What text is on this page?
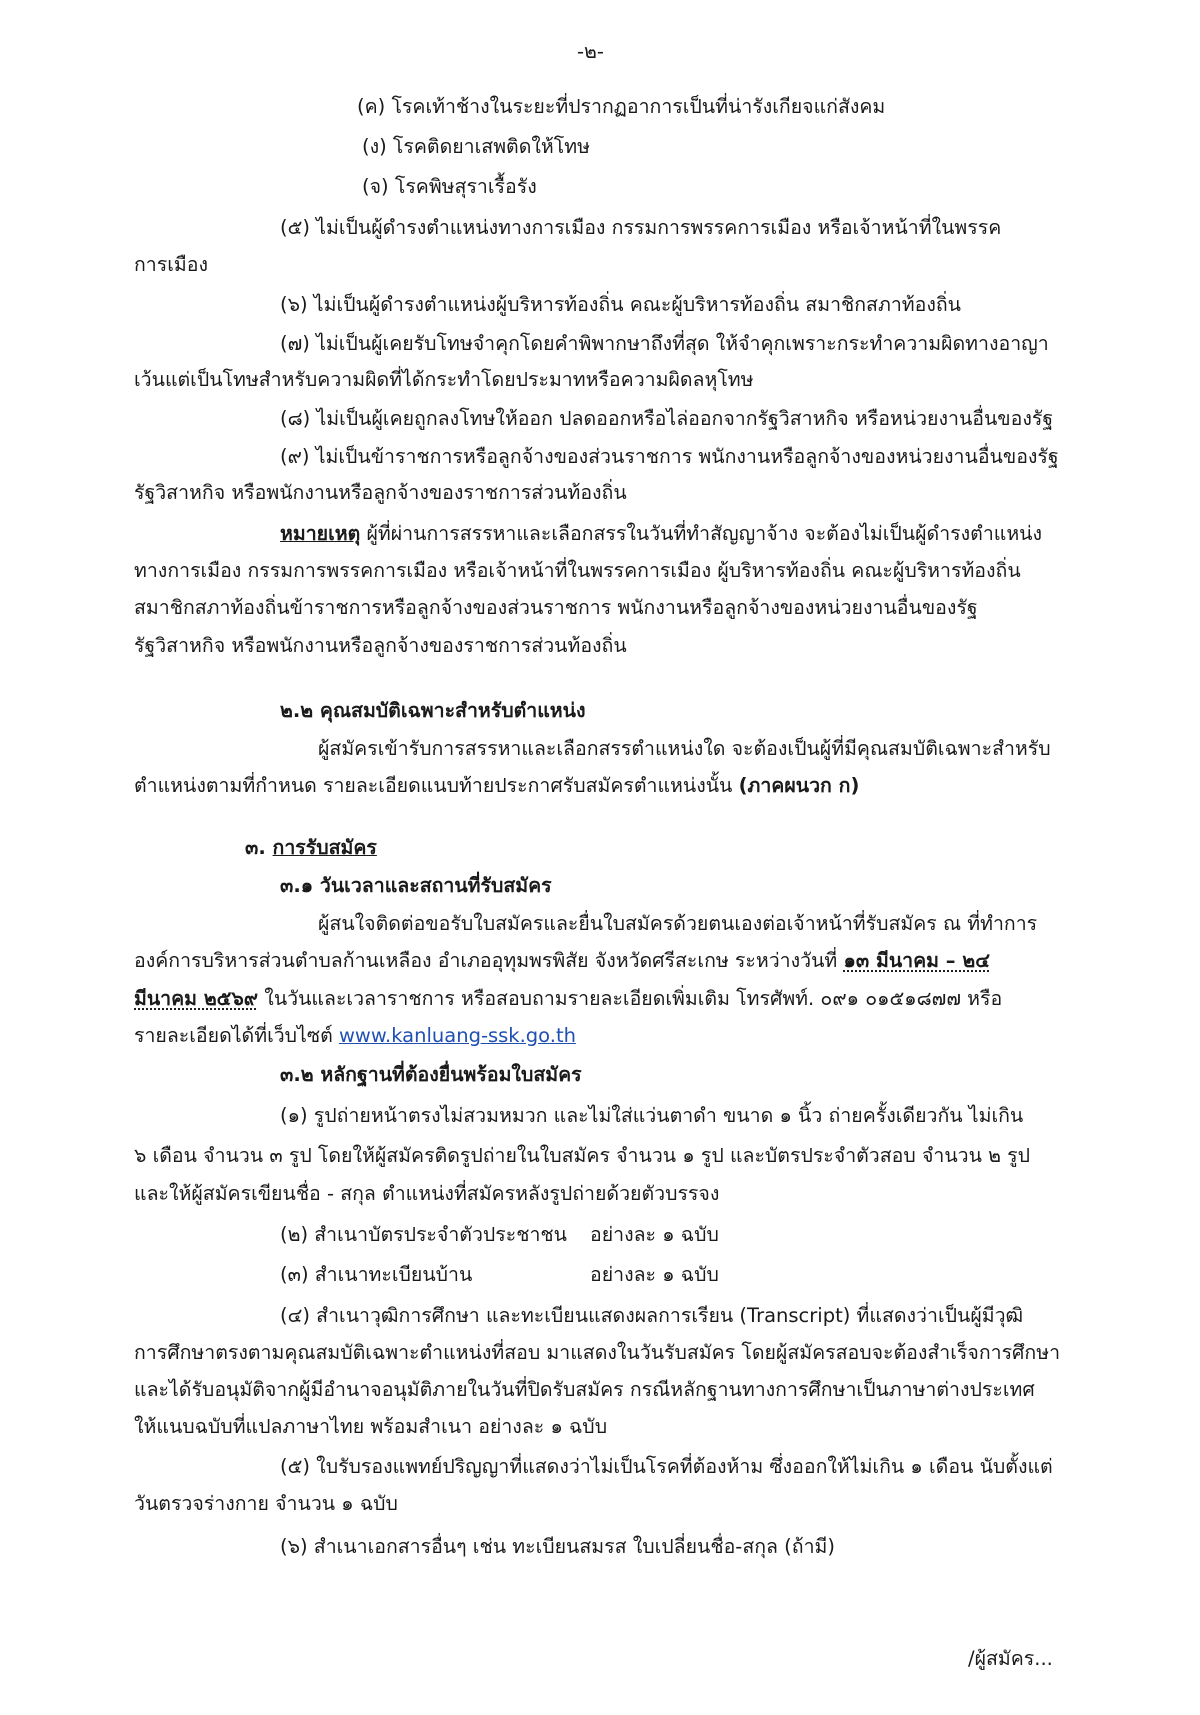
-๒-
(ค) โรคเท้าช้างในระยะที่ปรากฏอาการเป็นที่น่ารังเกียจแก่สังคม
(ง) โรคติดยาเสพติดให้โทษ
(จ) โรคพิษสุราเรื้อรัง
(๕) ไม่เป็นผู้ดำรงตำแหน่งทางการเมือง กรรมการพรรคการเมือง หรือเจ้าหน้าที่ในพรรค
การเมือง
(๖) ไม่เป็นผู้ดำรงตำแหน่งผู้บริหารท้องถิ่น คณะผู้บริหารท้องถิ่น สมาชิกสภาท้องถิ่น
(๗) ไม่เป็นผู้เคยรับโทษจำคุกโดยคำพิพากษาถึงที่สุด ให้จำคุกเพราะกระทำความผิดทางอาญา
เว้นแต่เป็นโทษสำหรับความผิดที่ได้กระทำโดยประมาทหรือความผิดลหุโทษ
(๘) ไม่เป็นผู้เคยถูกลงโทษให้ออก ปลดออกหรือไล่ออกจากรัฐวิสาหกิจ หรือหน่วยงานอื่นของรัฐ
(๙) ไม่เป็นข้าราชการหรือลูกจ้างของส่วนราชการ พนักงานหรือลูกจ้างของหน่วยงานอื่นของรัฐ
รัฐวิสาหกิจ หรือพนักงานหรือลูกจ้างของราชการส่วนท้องถิ่น
หมายเหตุ ผู้ที่ผ่านการสรรหาและเลือกสรรในวันที่ทำสัญญาจ้าง จะต้องไม่เป็นผู้ดำรงตำแหน่ง
ทางการเมือง กรรมการพรรคการเมือง หรือเจ้าหน้าที่ในพรรคการเมือง ผู้บริหารท้องถิ่น คณะผู้บริหารท้องถิ่น
สมาชิกสภาท้องถิ่นข้าราชการหรือลูกจ้างของส่วนราชการ พนักงานหรือลูกจ้างของหน่วยงานอื่นของรัฐ
รัฐวิสาหกิจ หรือพนักงานหรือลูกจ้างของราชการส่วนท้องถิ่น
๒.๒ คุณสมบัติเฉพาะสำหรับตำแหน่ง
ผู้สมัครเข้ารับการสรรหาและเลือกสรรตำแหน่งใด จะต้องเป็นผู้ที่มีคุณสมบัติเฉพาะสำหรับ
ตำแหน่งตามที่กำหนด รายละเอียดแนบท้ายประกาศรับสมัครตำแหน่งนั้น (ภาคผนวก ก)
๓. การรับสมัคร
๓.๑ วันเวลาและสถานที่รับสมัคร
ผู้สนใจติดต่อขอรับใบสมัครและยื่นใบสมัครด้วยตนเองต่อเจ้าหน้าที่รับสมัคร ณ ที่ทำการ
องค์การบริหารส่วนตำบลก้านเหลือง อำเภออุทุมพรพิสัย จังหวัดศรีสะเกษ ระหว่างวันที่ ๑๓ มีนาคม – ๒๔
มีนาคม ๒๕๖๙ ในวันและเวลาราชการ หรือสอบถามรายละเอียดเพิ่มเติม โทรศัพท์. ๐๙๑ ๐๑๕๑๘๗๗ หรือ
รายละเอียดได้ที่เว็บไซต์ www.kanluang-ssk.go.th
๓.๒ หลักฐานที่ต้องยื่นพร้อมใบสมัคร
(๑) รูปถ่ายหน้าตรงไม่สวมหมวก และไม่ใส่แว่นตาดำ ขนาด ๑ นิ้ว ถ่ายครั้งเดียวกัน ไม่เกิน
๖ เดือน จำนวน ๓ รูป โดยให้ผู้สมัครติดรูปถ่ายในใบสมัคร จำนวน ๑ รูป และบัตรประจำตัวสอบ จำนวน ๒ รูป
และให้ผู้สมัครเขียนชื่อ - สกุล ตำแหน่งที่สมัครหลังรูปถ่ายด้วยตัวบรรจง
(๒) สำเนาบัตรประจำตัวประชาชน อย่างละ ๑ ฉบับ
(๓) สำเนาทะเบียนบ้าน	อย่างละ ๑ ฉบับ
(๔) สำเนาวุฒิการศึกษา และทะเบียนแสดงผลการเรียน (Transcript) ที่แสดงว่าเป็นผู้มีวุฒิ
การศึกษาตรงตามคุณสมบัติเฉพาะตำแหน่งที่สอบ มาแสดงในวันรับสมัคร โดยผู้สมัครสอบจะต้องสำเร็จการศึกษา
และได้รับอนุมัติจากผู้มีอำนาจอนุมัติภายในวันที่ปิดรับสมัคร กรณีหลักฐานทางการศึกษาเป็นภาษาต่างประเทศ
ให้แนบฉบับที่แปลภาษาไทย พร้อมสำเนา อย่างละ ๑ ฉบับ
(๕) ใบรับรองแพทย์ปริญญาที่แสดงว่าไม่เป็นโรคที่ต้องห้าม ซึ่งออกให้ไม่เกิน ๑ เดือน นับตั้งแต่
วันตรวจร่างกาย จำนวน ๑ ฉบับ
(๖) สำเนาเอกสารอื่นๆ เช่น ทะเบียนสมรส ใบเปลี่ยนชื่อ-สกุล (ถ้ามี)
/ผู้สมัคร...
